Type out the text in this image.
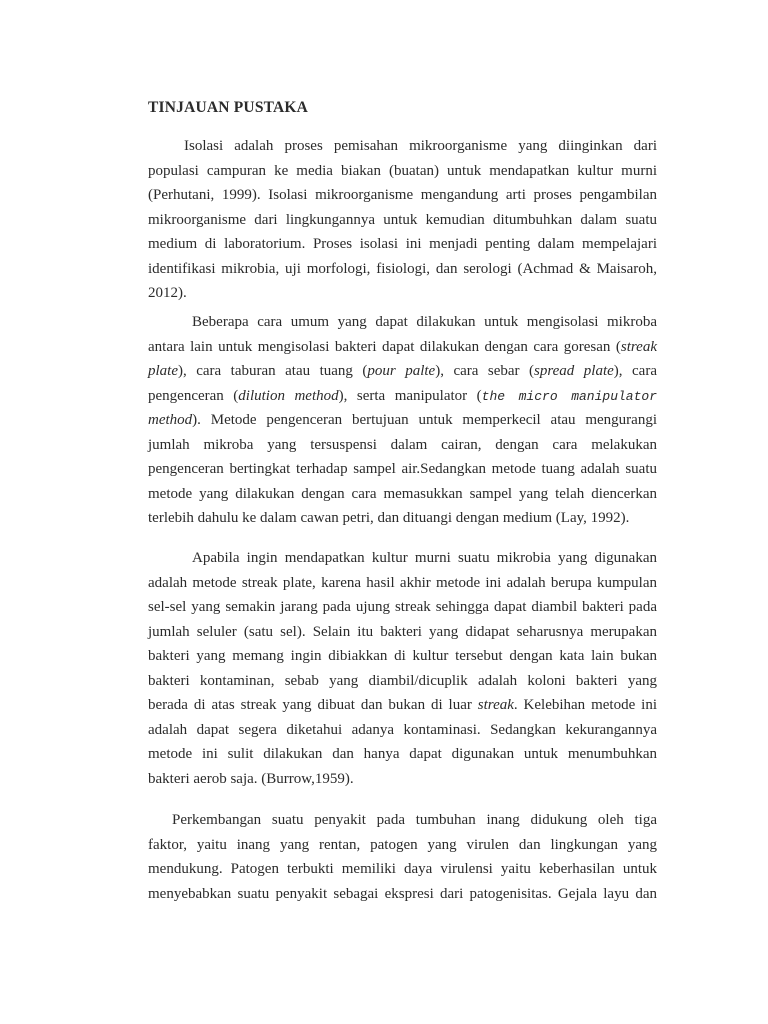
TINJAUAN PUSTAKA
Isolasi adalah proses pemisahan mikroorganisme yang diinginkan dari
populasi campuran ke media biakan (buatan) untuk mendapatkan kultur murni
(Perhutani, 1999). Isolasi mikroorganisme mengandung arti proses pengambilan
mikroorganisme dari lingkungannya untuk kemudian ditumbuhkan dalam suatu
medium di laboratorium. Proses isolasi ini menjadi penting dalam mempelajari
identifikasi mikrobia, uji morfologi, fisiologi, dan serologi (Achmad & Maisaroh,
2012).
Beberapa cara umum yang dapat dilakukan untuk mengisolasi mikroba
antara lain untuk mengisolasi bakteri dapat dilakukan dengan cara goresan (streak
plate), cara taburan atau tuang (pour palte), cara sebar (spread plate), cara
pengenceran (dilution method), serta manipulator (the micro manipulator
method). Metode pengenceran bertujuan untuk memperkecil atau mengurangi
jumlah mikroba yang tersuspensi dalam cairan, dengan cara melakukan
pengenceran bertingkat terhadap sampel air.Sedangkan metode tuang adalah suatu
metode yang dilakukan dengan cara memasukkan sampel yang telah diencerkan
terlebih dahulu ke dalam cawan petri, dan dituangi dengan medium (Lay, 1992).
Apabila ingin mendapatkan kultur murni suatu mikrobia yang digunakan
adalah metode streak plate, karena hasil akhir metode ini adalah berupa kumpulan
sel-sel yang semakin jarang pada ujung streak sehingga dapat diambil bakteri pada
jumlah seluler (satu sel). Selain itu bakteri yang didapat seharusnya merupakan
bakteri yang memang ingin dibiakkan di kultur tersebut dengan kata lain bukan
bakteri kontaminan, sebab yang diambil/dicuplik adalah koloni bakteri yang
berada di atas streak yang dibuat dan bukan di luar streak. Kelebihan metode ini
adalah dapat segera diketahui adanya kontaminasi. Sedangkan kekurangannya
metode ini sulit dilakukan dan hanya dapat digunakan untuk menumbuhkan
bakteri aerob saja. (Burrow,1959).
Perkembangan suatu penyakit pada tumbuhan inang didukung oleh tiga
faktor, yaitu inang yang rentan, patogen yang virulen dan lingkungan yang
mendukung. Patogen terbukti memiliki daya virulensi yaitu keberhasilan untuk
menyebabkan suatu penyakit sebagai ekspresi dari patogenisitas. Gejala layu dan
